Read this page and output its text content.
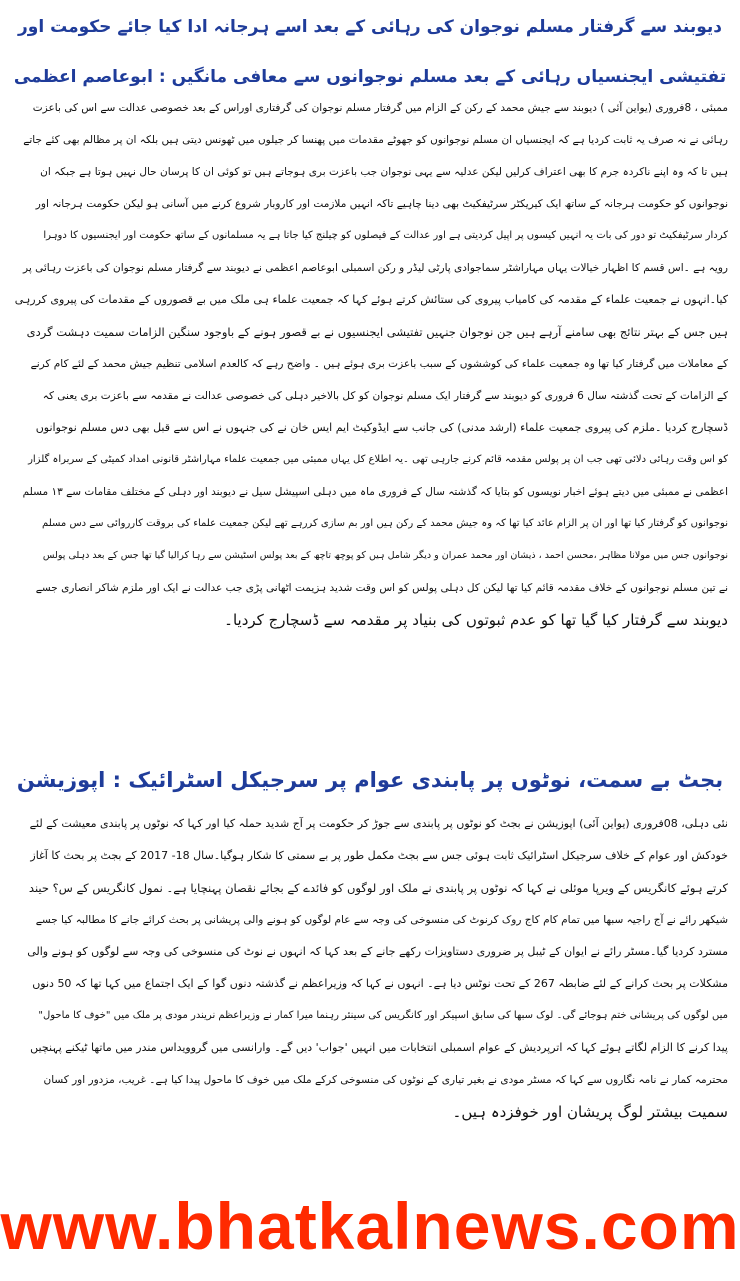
دیوبند سے گرفتار مسلم نوجوان کی رہائی کے بعد اسے ہرجانہ ادا کیا جائے حکومت اور
تفتیشی ایجنسیاں رہائی کے بعد مسلم نوجوانوں سے معافی مانگیں : ابوعاصم اعظمی
ممبئی ، 8فروری (یواین آئی ) دیوبند سے جیش محمد کے رکن کے الزام میں گرفتار مسلم نوجوان کی گرفتاری اوراس کے بعد خصوصی عدالت سے اس کی باعزت
رہائی نے نہ صرف یہ ثابت کردیا ہے کہ ایجنسیاں ان مسلم نوجوانوں کو جھوٹے مقدمات میں پھنسا کر جیلوں میں ٹھونس دیتی ہیں بلکہ ان پر مظالم بھی کئے جاتے
ہیں تا کہ وہ اپنے ناکردہ جرم کا بھی اعتراف کرلیں لیکن عدلیہ سے یہی نوجوان جب باعزت بری ہوجاتے ہیں تو کوئی ان کا پرسان حال نہیں ہوتا ہے جبکہ ان
نوجوانوں کو حکومت ہرجانہ کے ساتھ ایک کیریکٹر سرٹیفکیٹ بھی دینا چاہیے تاکہ انہیں ملازمت اور کاروبار شروع کرنے میں آسانی ہو لیکن حکومت ہرجانہ اور
کردار سرٹیفکیٹ تو دور کی بات یہ انہیں کیسوں پر اپیل کردیتی ہے اور عدالت کے فیصلوں کو چیلنج کیا جاتا ہے یہ مسلمانوں کے ساتھ حکومت اور ایجنسیوں کا دوہرا
رویہ ہے ۔اس قسم کا اظہار خیالات یہاں مہاراشٹر سماجوادی پارٹی لیڈر و رکن اسمبلی ابوعاصم اعظمی نے دیوبند سے گرفتار مسلم نوجوان کی باعزت رہائی پر
کیا۔انہوں نے جمعیت علماء کے مقدمہ کی کامیاب پیروی کی ستائش کرتے ہوئے کہا کہ جمعیت علماء ہی ملک میں بے قصوروں کے مقدمات کی پیروی کررہی
ہیں جس کے بہتر نتائج بھی سامنے آرہے ہیں جن نوجوان جنہیں تفتیشی ایجنسیوں نے بے قصور ہونے کے باوجود سنگین الزامات سمیت دہشت گردی
کے معاملات میں گرفتار کیا تھا وہ جمعیت علماء کی کوششوں کے سبب باعزت بری ہوئے ہیں ۔ واضح رہے کہ کالعدم اسلامی تنظیم جیش محمد کے لئے کام کرنے
کے الزامات کے تحت گذشتہ سال 6 فروری کو دیوبند سے گرفتار ایک مسلم نوجوان کو کل بالاخیر دہلی کی خصوصی عدالت نے مقدمہ سے باعزت بری یعنی کہ
ڈسچارج کردیا ۔ملزم کی پیروی جمعیت علماء (ارشد مدنی) کی جانب سے ایڈوکیٹ ایم ایس خان نے کی جنہوں نے اس سے قبل بھی دس مسلم نوجوانوں
کو اس وقت رہائی دلائی تھی جب ان پر پولس مقدمہ قائم کرنے جارہی تھی ۔یہ اطلاع کل یہاں ممبئی میں جمعیت علماء مہاراشٹر قانونی امداد کمیٹی کے سربراہ گلزار
اعظمی نے ممبئی میں دیتے ہوئے اخبار نویسوں کو بتایا کہ گذشتہ سال کے فروری ماہ میں دہلی اسپیشل سیل نے دیوبند اور دہلی کے مختلف مقامات سے ۱۳ مسلم
نوجوانوں کو گرفتار کیا تھا اور ان پر الزام عائد کیا تھا کہ وہ جیش محمد کے رکن ہیں اور بم سازی کررہے تھے لیکن جمعیت علماء کی بروقت کارروائی سے دس مسلم
نوجوانوں جس میں مولانا مظاہر ،محسن احمد ، ذیشان اور محمد عمران و دیگر شامل ہیں کو پوچھ تاچھ کے بعد پولس اسٹیشن سے رہا کرالیا گیا تھا جس کے بعد دہلی پولس
نے تین مسلم نوجوانوں کے خلاف مقدمہ قائم کیا تھا لیکن کل دہلی پولس کو اس وقت شدید ہزیمت اٹھانی پڑی جب عدالت نے ایک اور ملزم شاکر انصاری جسے
دیوبند سے گرفتار کیا گیا تھا کو عدم ثبوتوں کی بنیاد پر مقدمہ سے ڈسچارج کردیا۔
بجٹ بے سمت، نوٹوں پر پابندی عوام پر سرجیکل اسٹرائیک : اپوزیشن
نئی دہلی، 08فروری (یواین آئی) اپوزیشن نے بجٹ کو نوٹوں پر پابندی سے جوڑ کر حکومت پر آج شدید حملہ کیا اور کہا کہ نوٹوں پر پابندی معیشت کے لئے
خودکش اور عوام کے خلاف سرجیکل اسٹرائیک ثابت ہوئی جس سے بجٹ مکمل طور پر بے سمتی کا شکار ہوگیا۔سال 18- 2017 کے بجٹ پر بحث کا آغاز
کرتے ہوئے کانگریس کے ویرپا موئلی نے کہا کہ نوٹوں پر پابندی نے ملک اور لوگوں کو فائدے کے بجائے نقصان پہنچایا ہے۔ نمول کانگریس کے س؟ حیند
شیکھر رائے نے آج راجیہ سبھا میں تمام کام کاج روک کرنوٹ کی منسوخی کی وجہ سے عام لوگوں کو ہونے والی پریشانی پر بحث کرائے جانے کا مطالبہ کیا جسے
مسترد کردیا گیا۔مسٹر رائے نے ایوان کے ٹیبل پر ضروری دستاویزات رکھے جانے کے بعد کہا کہ انہوں نے نوٹ کی منسوخی کی وجہ سے لوگوں کو ہونے والی
مشکلات پر بحث کرانے کے لئے ضابطہ 267 کے تحت نوٹس دیا ہے۔ انہوں نے کہا کہ وزیراعظم نے گذشتہ دنوں گوا کے ایک اجتماع میں کہا تھا کہ 50 دنوں
میں لوگوں کی پریشانی ختم ہوجائے گی۔ لوک سبھا کی سابق اسپیکر اور کانگریس کی سینئر رہنما میرا کمار نے وزیراعظم نریندر مودی پر ملک میں "خوف کا ماحول"
پیدا کرنے کا الزام لگاتے ہوئے کہا کہ اترپردیش کے عوام اسمبلی انتخابات میں انہیں 'جواب' دیں گے۔ وارانسی میں گروویداس مندر میں ماتھا ٹیکنے پہنچیں
محترمہ کمار نے نامہ نگاروں سے کہا کہ مسٹر مودی نے بغیر تیاری کے نوٹوں کی منسوخی کرکے ملک میں خوف کا ماحول پیدا کیا ہے۔ غریب، مزدور اور کسان
سمیت بیشتر لوگ پریشان اور خوفزدہ ہیں۔
www.bhatkalnews.com
